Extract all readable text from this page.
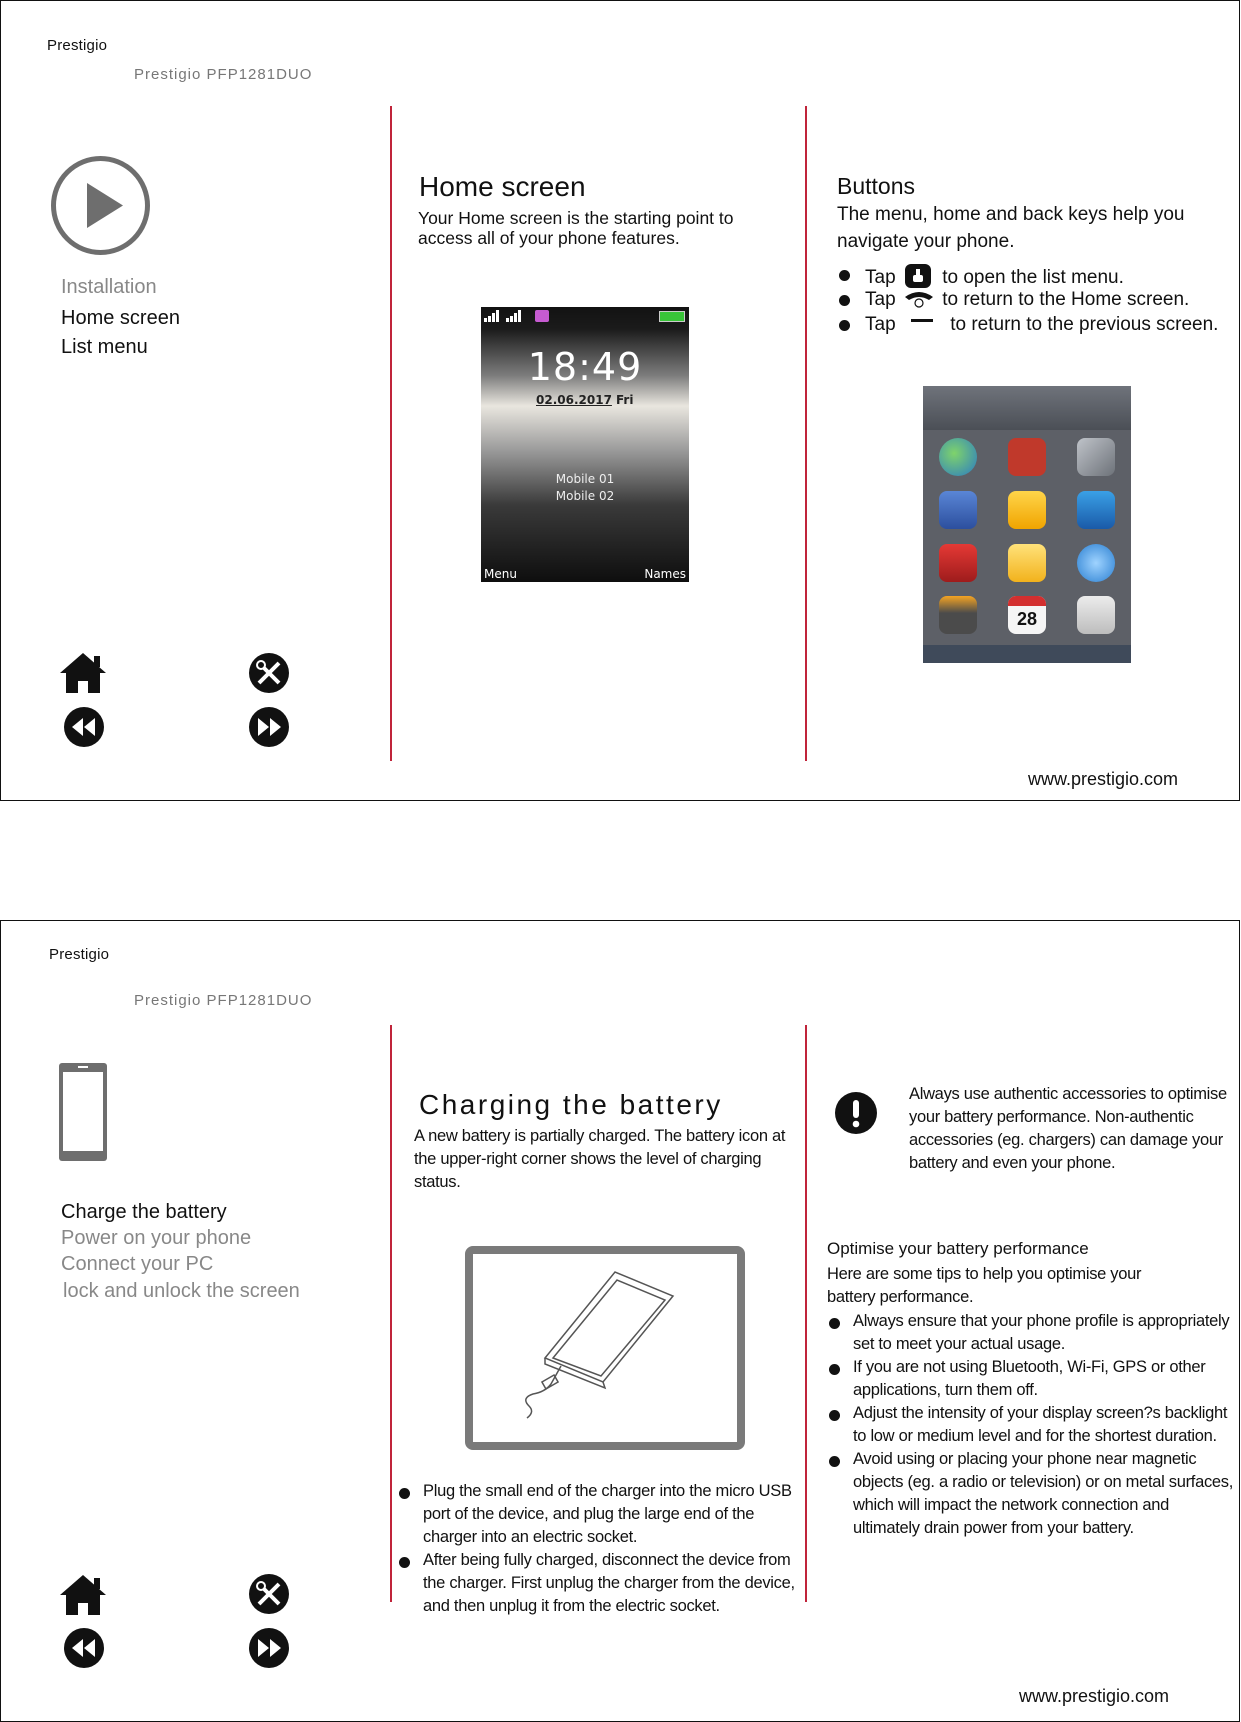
Prestigio
Prestigio PFP1281DUO
Installation
Home screen
List menu
Home screen
Your Home screen is the starting point to access all of your phone features.
18:49
02.06.2017 Fri
Mobile 01
Mobile 02
Menu	Names
Buttons
The menu, home and back keys help you navigate your phone.
Tap to open the list menu.
Tap to return to the Home screen.
Tap	to return to the previous screen.
28
www.prestigio.com
Prestigio
Prestigio PFP1281DUO
Charge the battery
Power on your phone
Connect your PC
lock and unlock the screen
Charging the battery
A new battery is partially charged. The battery icon at the upper-right corner shows the level of charging status.
Plug the small end of the charger into the micro USB port of the device, and plug the large end of the charger into an electric socket.
After being fully charged, disconnect the device from the charger. First unplug the charger from the device, and then unplug it from the electric socket.
Always use authentic accessories to optimise your battery performance. Non-authentic accessories (eg. chargers) can damage your battery and even your phone.
Optimise your battery performance
Here are some tips to help you optimise your battery performance.
Always ensure that your phone profile is appropriately set to meet your actual usage.
If you are not using Bluetooth, Wi-Fi, GPS or other applications, turn them off.
Adjust the intensity of your display screen?s backlight to low or medium level and for the shortest duration.
Avoid using or placing your phone near magnetic objects (eg. a radio or television) or on metal surfaces, which will impact the network connection and ultimately drain power from your battery.
www.prestigio.com
